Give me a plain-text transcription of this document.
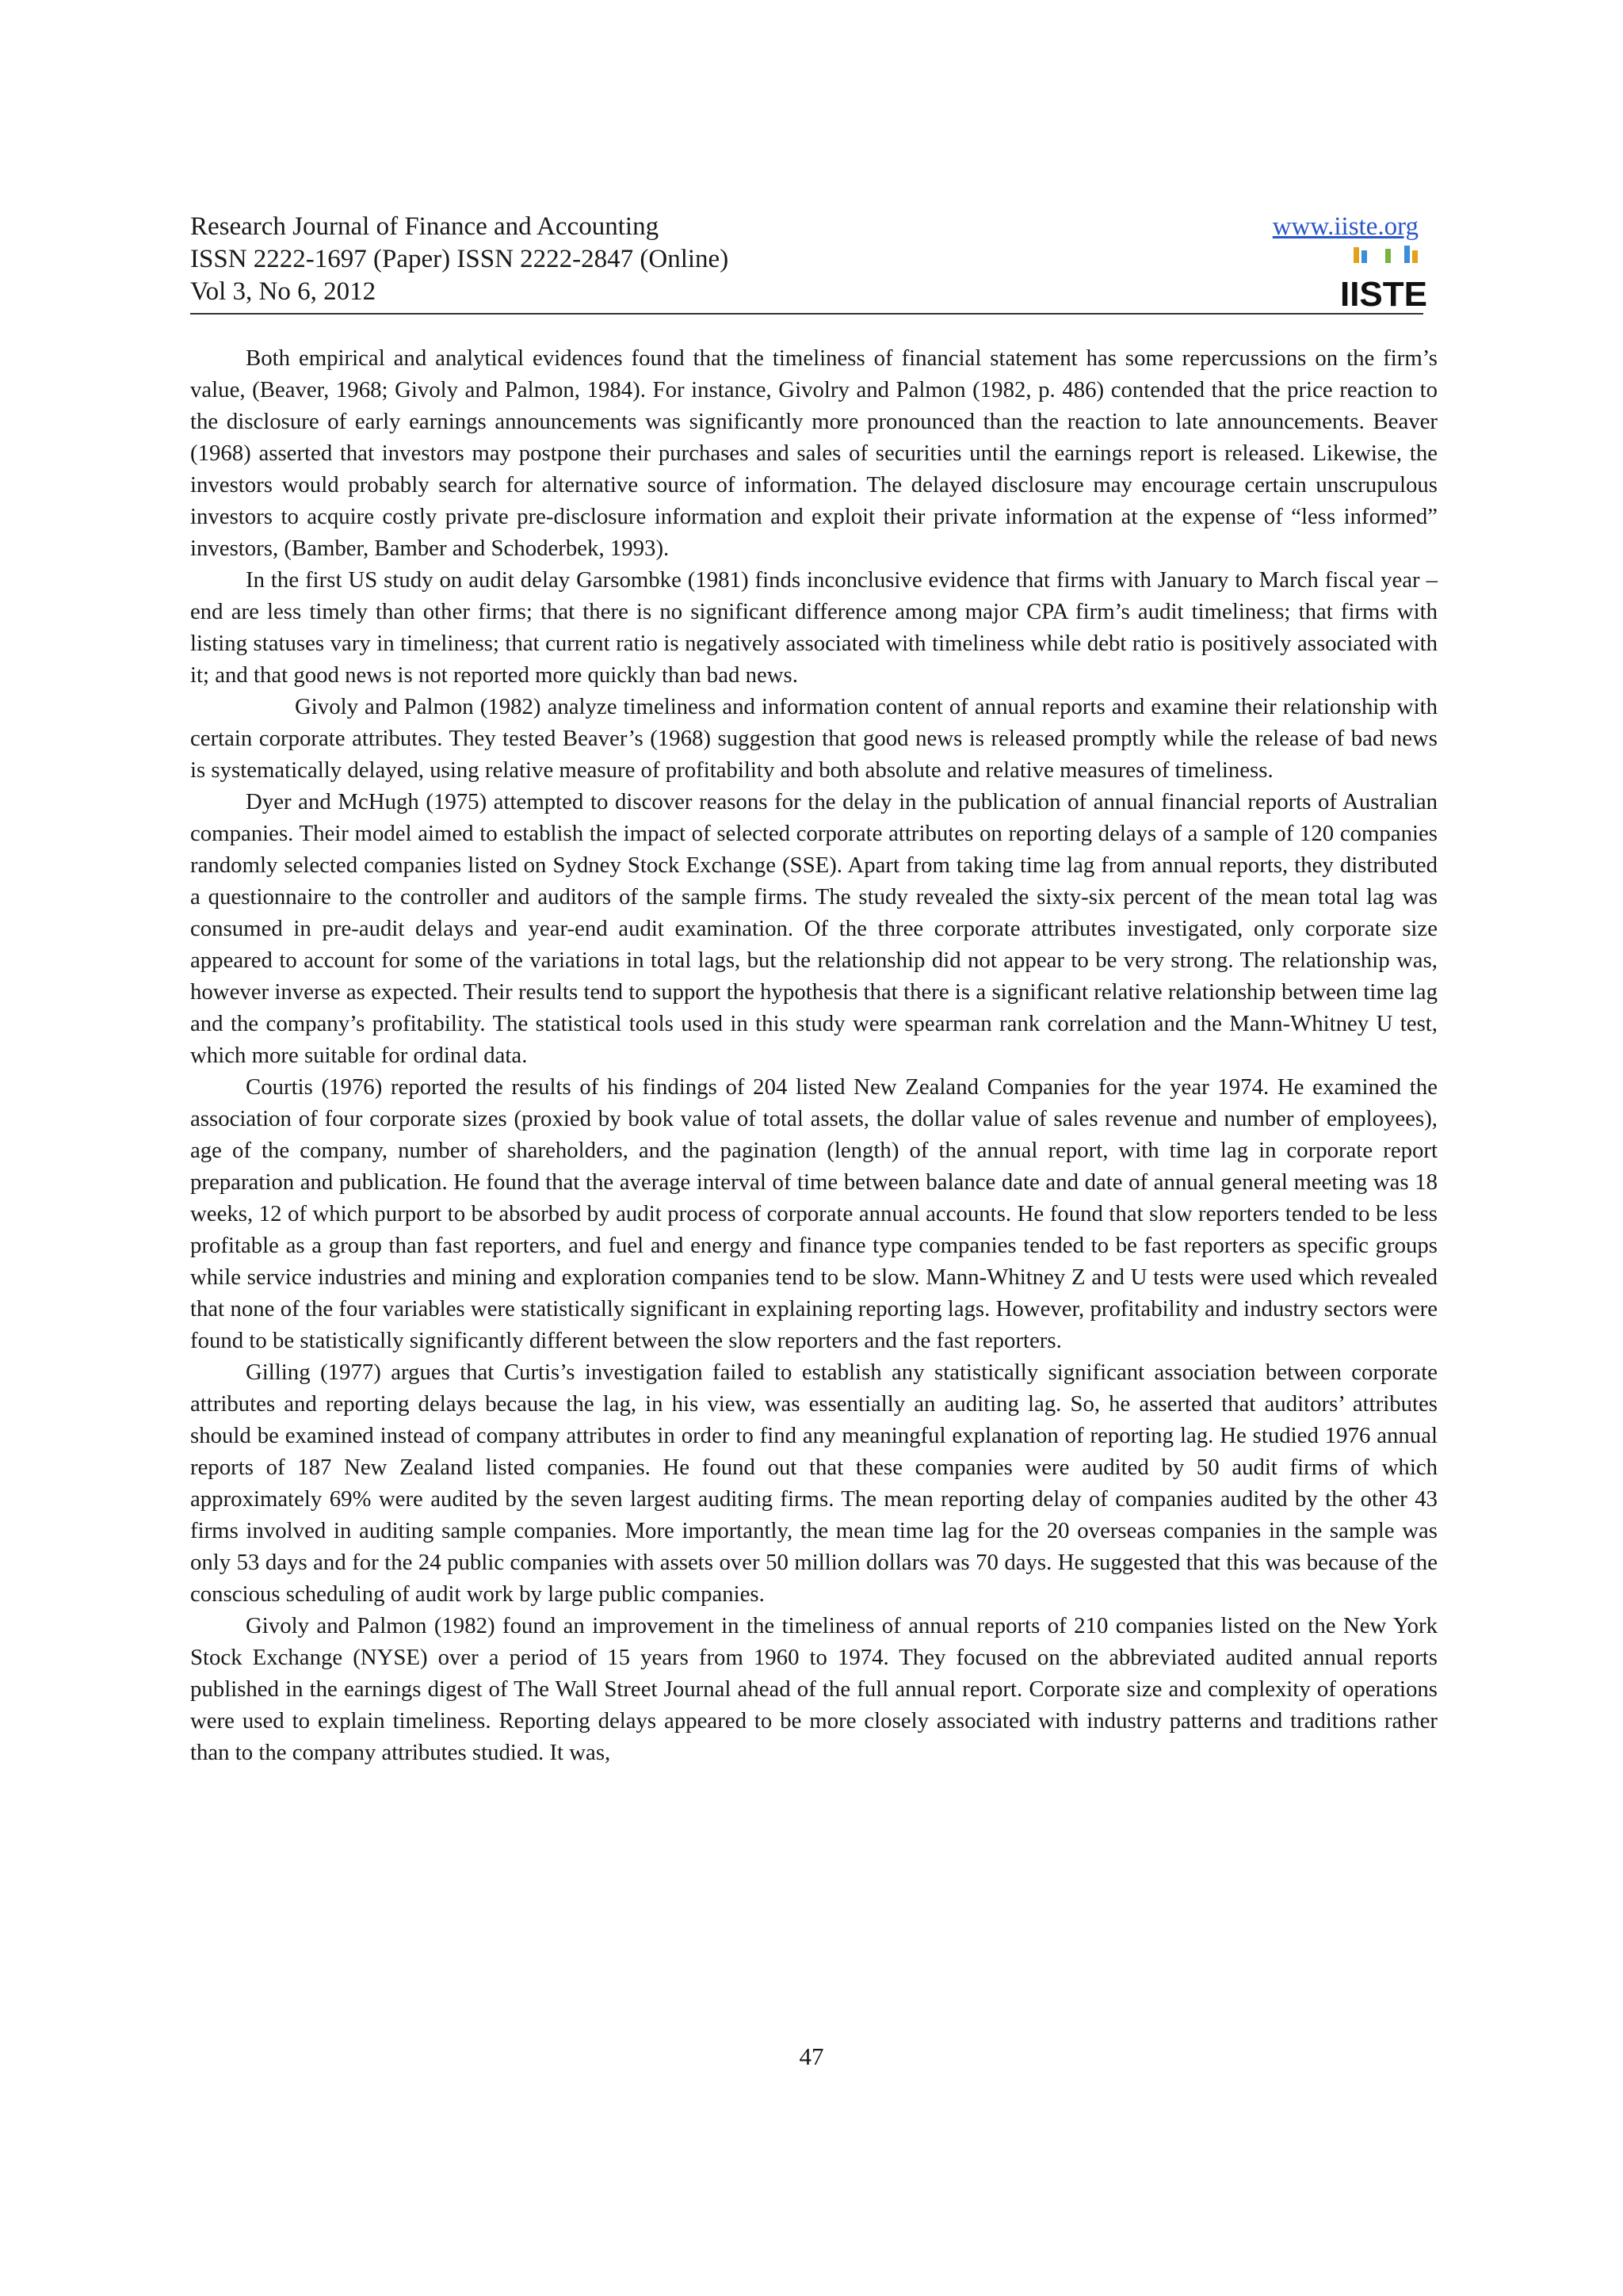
Research Journal of Finance and Accounting
ISSN 2222-1697 (Paper) ISSN 2222-2847 (Online)
Vol 3, No 6, 2012
www.iiste.org
IISTE

Both empirical and analytical evidences found that the timeliness of financial statement has some repercussions on the firm’s value, (Beaver, 1968; Givoly and Palmon, 1984). For instance, Givolry and Palmon (1982, p. 486) contended that the price reaction to the disclosure of early earnings announcements was significantly more pronounced than the reaction to late announcements. Beaver (1968) asserted that investors may postpone their purchases and sales of securities until the earnings report is released. Likewise, the investors would probably search for alternative source of information. The delayed disclosure may encourage certain unscrupulous investors to acquire costly private pre-disclosure information and exploit their private information at the expense of “less informed” investors, (Bamber, Bamber and Schoderbek, 1993).

In the first US study on audit delay Garsombke (1981) finds inconclusive evidence that firms with January to March fiscal year – end are less timely than other firms; that there is no significant difference among major CPA firm’s audit timeliness; that firms with listing statuses vary in timeliness; that current ratio is negatively associated with timeliness while debt ratio is positively associated with it; and that good news is not reported more quickly than bad news.

Givoly and Palmon (1982) analyze timeliness and information content of annual reports and examine their relationship with certain corporate attributes. They tested Beaver’s (1968) suggestion that good news is released promptly while the release of bad news is systematically delayed, using relative measure of profitability and both absolute and relative measures of timeliness.

Dyer and McHugh (1975) attempted to discover reasons for the delay in the publication of annual financial reports of Australian companies. Their model aimed to establish the impact of selected corporate attributes on reporting delays of a sample of 120 companies randomly selected companies listed on Sydney Stock Exchange (SSE). Apart from taking time lag from annual reports, they distributed a questionnaire to the controller and auditors of the sample firms. The study revealed the sixty-six percent of the mean total lag was consumed in pre-audit delays and year-end audit examination. Of the three corporate attributes investigated, only corporate size appeared to account for some of the variations in total lags, but the relationship did not appear to be very strong. The relationship was, however inverse as expected. Their results tend to support the hypothesis that there is a significant relative relationship between time lag and the company’s profitability. The statistical tools used in this study were spearman rank correlation and the Mann-Whitney U test, which more suitable for ordinal data.

Courtis (1976) reported the results of his findings of 204 listed New Zealand Companies for the year 1974. He examined the association of four corporate sizes (proxied by book value of total assets, the dollar value of sales revenue and number of employees), age of the company, number of shareholders, and the pagination (length) of the annual report, with time lag in corporate report preparation and publication. He found that the average interval of time between balance date and date of annual general meeting was 18 weeks, 12 of which purport to be absorbed by audit process of corporate annual accounts. He found that slow reporters tended to be less profitable as a group than fast reporters, and fuel and energy and finance type companies tended to be fast reporters as specific groups while service industries and mining and exploration companies tend to be slow. Mann-Whitney Z and U tests were used which revealed that none of the four variables were statistically significant in explaining reporting lags. However, profitability and industry sectors were found to be statistically significantly different between the slow reporters and the fast reporters.

Gilling (1977) argues that Curtis’s investigation failed to establish any statistically significant association between corporate attributes and reporting delays because the lag, in his view, was essentially an auditing lag. So, he asserted that auditors’ attributes should be examined instead of company attributes in order to find any meaningful explanation of reporting lag. He studied 1976 annual reports of 187 New Zealand listed companies. He found out that these companies were audited by 50 audit firms of which approximately 69% were audited by the seven largest auditing firms. The mean reporting delay of companies audited by the other 43 firms involved in auditing sample companies. More importantly, the mean time lag for the 20 overseas companies in the sample was only 53 days and for the 24 public companies with assets over 50 million dollars was 70 days. He suggested that this was because of the conscious scheduling of audit work by large public companies.

Givoly and Palmon (1982) found an improvement in the timeliness of annual reports of 210 companies listed on the New York Stock Exchange (NYSE) over a period of 15 years from 1960 to 1974. They focused on the abbreviated audited annual reports published in the earnings digest of The Wall Street Journal ahead of the full annual report. Corporate size and complexity of operations were used to explain timeliness. Reporting delays appeared to be more closely associated with industry patterns and traditions rather than to the company attributes studied. It was,

47
